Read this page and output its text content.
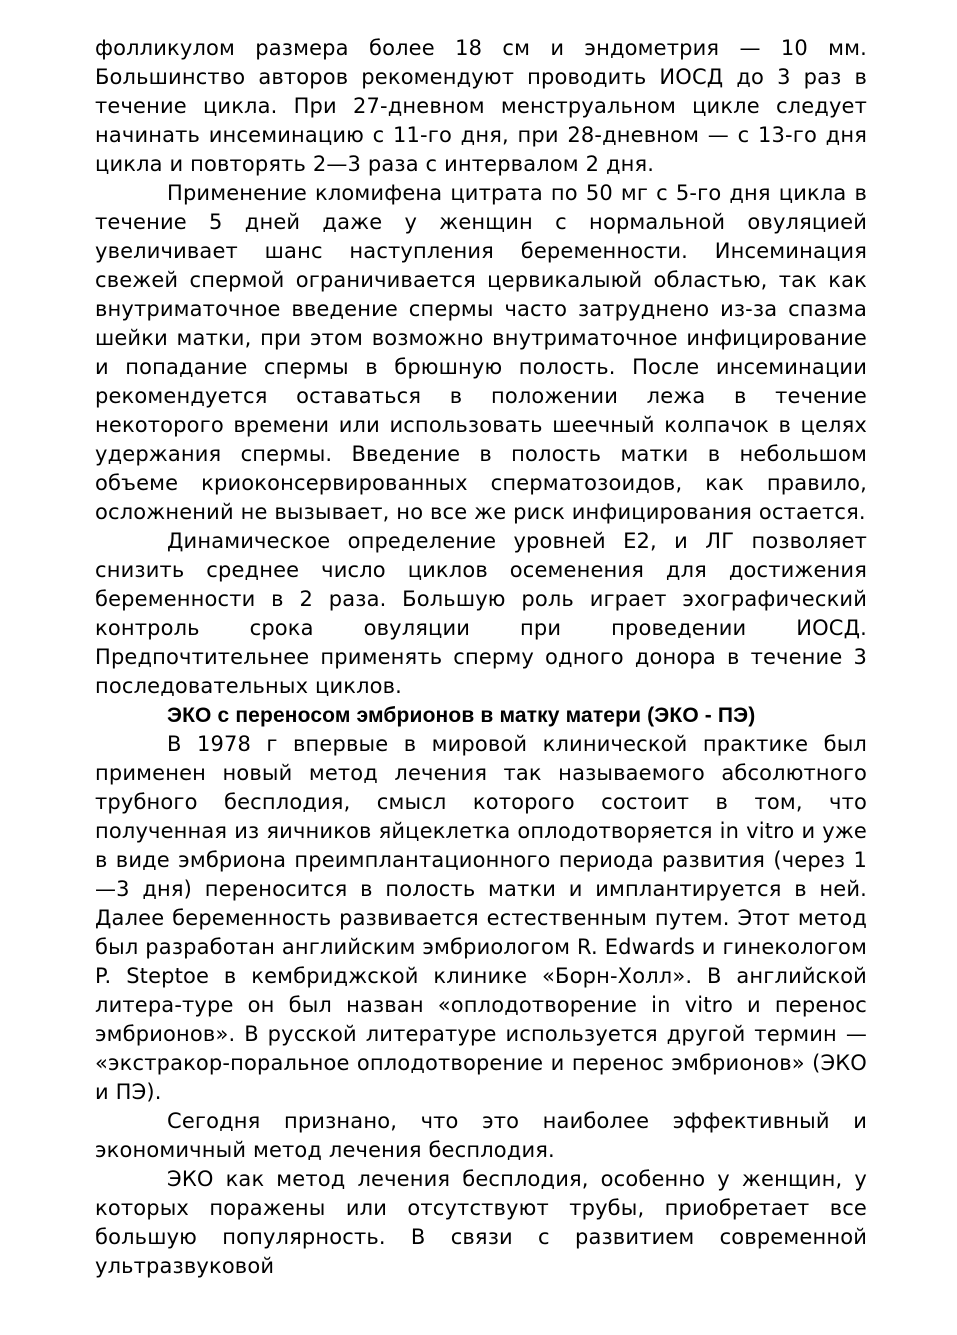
фолликулом размера более 18 см и эндометрия — 10 мм. Большинство авторов рекомендуют проводить ИОСД до 3 раз в течение цикла. При 27-дневном менструальном цикле следует начинать инсеминацию с 11-го дня, при 28-дневном — с 13-го дня цикла и повторять 2—3 раза с интервалом 2 дня.

Применение кломифена цитрата по 50 мг с 5-го дня цикла в течение 5 дней даже у женщин с нормальной овуляцией увеличивает шанс наступления беременности. Инсеминация свежей спермой ограничивается цервикалыюй областью, так как внутриматочное введение спермы часто затруднено из-за спазма шейки матки, при этом возможно внутриматочное инфицирование и попадание спермы в брюшную полость. После инсеминации рекомендуется оставаться в положении лежа в течение некоторого времени или использовать шеечный колпачок в целях удержания спермы. Введение в полость матки в небольшом объеме криоконсервированных сперматозоидов, как правило, осложнений не вызывает, но все же риск инфицирования остается.

Динамическое определение уровней Е2, и ЛГ позволяет снизить среднее число циклов осеменения для достижения беременности в 2 раза. Большую роль играет эхографический контроль срока овуляции при проведении ИОСД. Предпочтительнее применять сперму одного донора в течение 3 последовательных циклов.

ЭКО с переносом эмбрионов в матку матери (ЭКО - ПЭ)

В 1978 г впервые в мировой клинической практике был применен новый метод лечения так называемого абсолютного трубного бесплодия, смысл которого состоит в том, что полученная из яичников яйцеклетка оплодотворяется in vitro и уже в виде эмбриона преимплантационного периода развития (через 1—3 дня) переносится в полость матки и имплантируется в ней. Далее беременность развивается естественным путем. Этот метод был разработан английским эмбриологом R. Edwards и гинекологом P. Steptoe в кембриджской клинике «Борн-Холл». В английской литера-туре он был назван «оплодотворение in vitro и перенос эмбрионов». В русской литературе используется другой термин — «экстракор-поральное оплодотворение и перенос эмбрионов» (ЭКО и ПЭ).

Сегодня признано, что это наиболее эффективный и экономичный метод лечения бесплодия.

ЭКО как метод лечения бесплодия, особенно у женщин, у которых поражены или отсутствуют трубы, приобретает все большую популярность. В связи с развитием современной ультразвуковой
